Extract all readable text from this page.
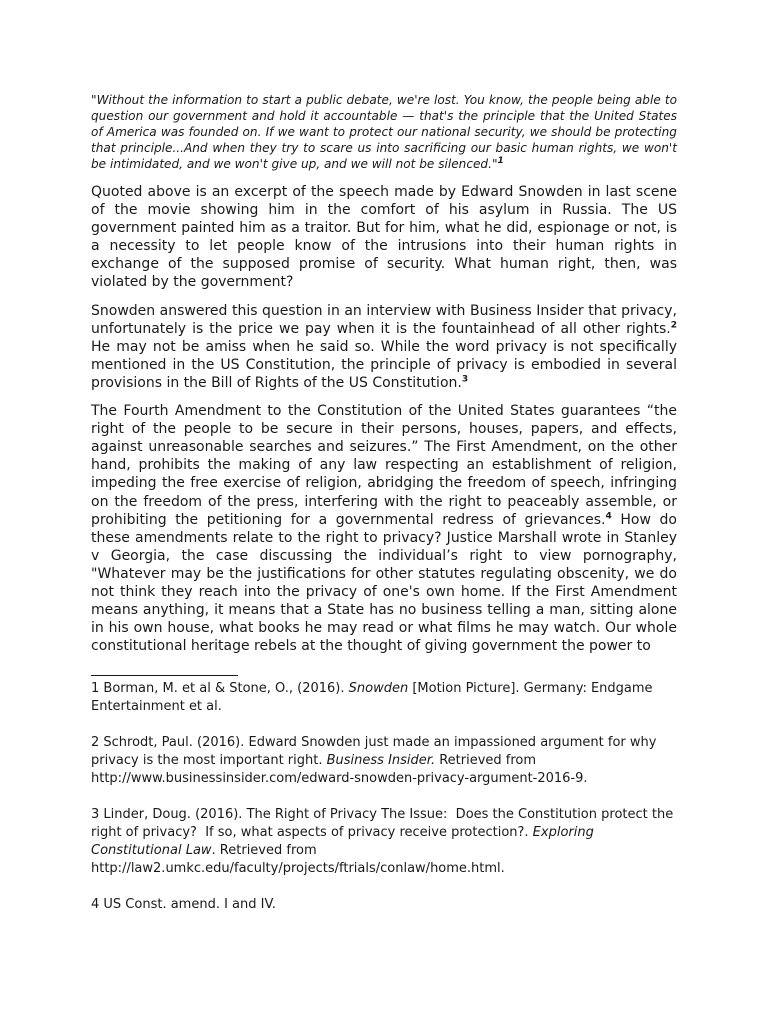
"Without the information to start a public debate, we're lost. You know, the people being able to question our government and hold it accountable — that's the principle that the United States of America was founded on. If we want to protect our national security, we should be protecting that principle...And when they try to scare us into sacrificing our basic human rights, we won't be intimidated, and we won't give up, and we will not be silenced."$^1$

Quoted above is an excerpt of the speech made by Edward Snowden in last scene of the movie showing him in the comfort of his asylum in Russia. The US government painted him as a traitor. But for him, what he did, espionage or not, is a necessity to let people know of the intrusions into their human rights in exchange of the supposed promise of security. What human right, then, was violated by the government?

Snowden answered this question in an interview with Business Insider that privacy, unfortunately is the price we pay when it is the fountainhead of all other rights.$^2$ He may not be amiss when he said so. While the word privacy is not specifically mentioned in the US Constitution, the principle of privacy is embodied in several provisions in the Bill of Rights of the US Constitution.$^3$

The Fourth Amendment to the Constitution of the United States guarantees “the right of the people to be secure in their persons, houses, papers, and effects, against unreasonable searches and seizures.” The First Amendment, on the other hand, prohibits the making of any law respecting an establishment of religion, impeding the free exercise of religion, abridging the freedom of speech, infringing on the freedom of the press, interfering with the right to peaceably assemble, or prohibiting the petitioning for a governmental redress of grievances.$^4$ How do these amendments relate to the right to privacy? Justice Marshall wrote in Stanley v Georgia, the case discussing the individual’s right to view pornography, "Whatever may be the justifications for other statutes regulating obscenity, we do not think they reach into the privacy of one's own home. If the First Amendment means anything, it means that a State has no business telling a man, sitting alone in his own house, what books he may read or what films he may watch. Our whole constitutional heritage rebels at the thought of giving government the power to

1 Borman, M. et al & Stone, O., (2016). Snowden [Motion Picture]. Germany: Endgame Entertainment et al.

2 Schrodt, Paul. (2016). Edward Snowden just made an impassioned argument for why privacy is the most important right. Business Insider. Retrieved from http://www.businessinsider.com/edward-snowden-privacy-argument-2016-9.

3 Linder, Doug. (2016). The Right of Privacy The Issue:  Does the Constitution protect the right of privacy?  If so, what aspects of privacy receive protection?. Exploring Constitutional Law. Retrieved from http://law2.umkc.edu/faculty/projects/ftrials/conlaw/home.html.

4 US Const. amend. I and IV.
